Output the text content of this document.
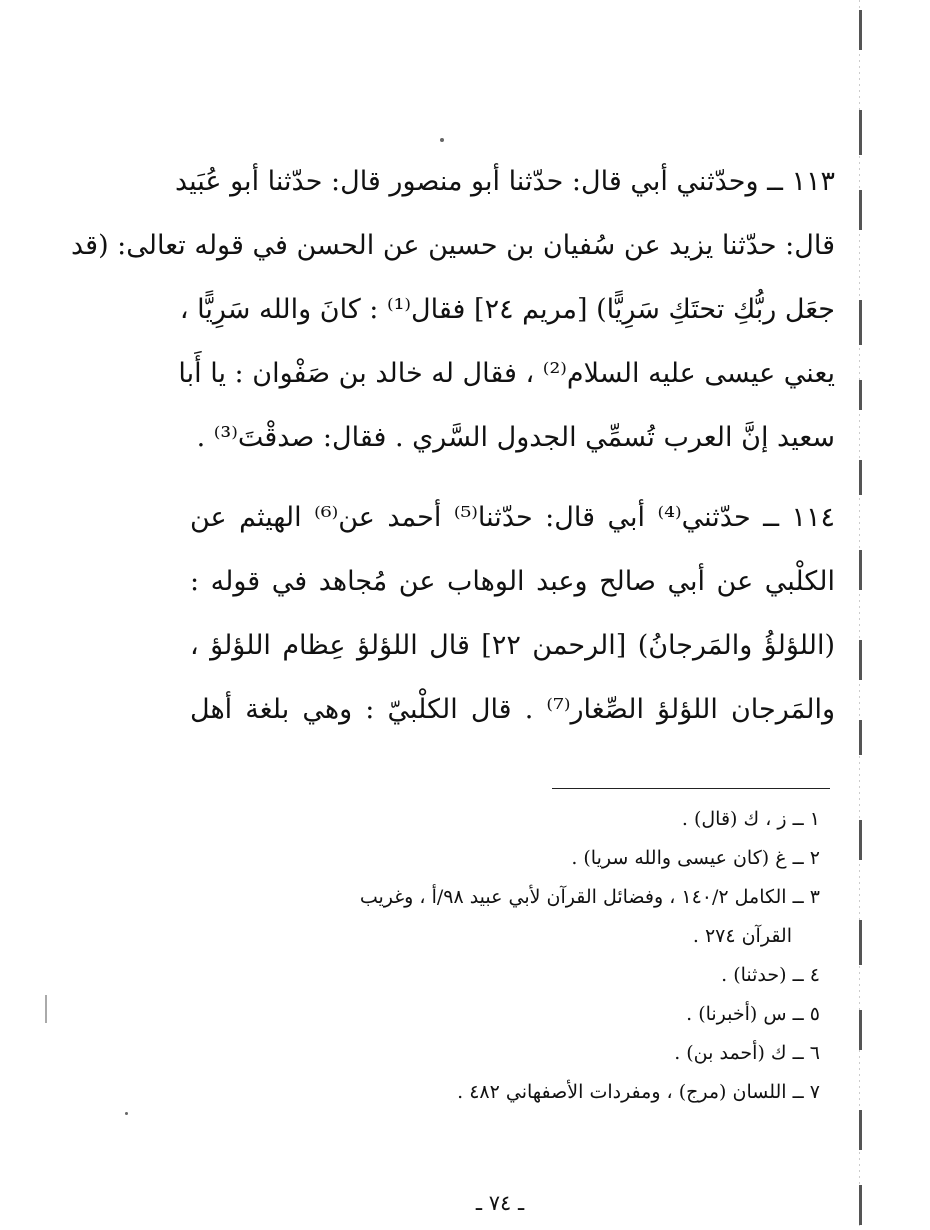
١١٣ ــ وحدّثني أبي قال: حدّثنا أبو منصور قال: حدّثنا أبو عُبَيد
قال: حدّثنا يزيد عن سُفيان بن حسين عن الحسن في قوله تعالى: (قد
جعَل ربُّكِ تحتَكِ سَرِيًّا) [مريم ٢٤] فقال⁽¹⁾ : كانَ والله سَرِيًّا ،
يعني عيسى عليه السلام⁽²⁾ ، فقال له خالد بن صَفْوان : يا أَبا
سعيد إنَّ العرب تُسمِّي الجدول السَّري . فقال: صدقْتَ⁽³⁾ .
١١٤ ــ حدّثني⁽⁴⁾ أبي قال: حدّثنا⁽⁵⁾ أحمد عن⁽⁶⁾ الهيثم عن
الكلْبي عن أبي صالح وعبد الوهاب عن مُجاهد في قوله :
(اللؤلؤُ والمَرجانُ) [الرحمن ٢٢] قال اللؤلؤ عِظام اللؤلؤ ،
والمَرجان اللؤلؤ الصِّغار⁽⁷⁾ . قال الكلْبيّ : وهي بلغة أهل
١ ــ ز ، ك (قال) .
٢ ــ غ (كان عيسى والله سريا) .
٣ ــ الكامل ١٤٠/٢ ، وفضائل القرآن لأبي عبيد ٩٨/أ ، وغريب
القرآن ٢٧٤ .
٤ ــ (حدثنا) .
٥ ــ س (أخبرنا) .
٦ ــ ك (أحمد بن) .
٧ ــ اللسان (مرج) ، ومفردات الأصفهاني ٤٨٢ .
ـ ٧٤ ـ
